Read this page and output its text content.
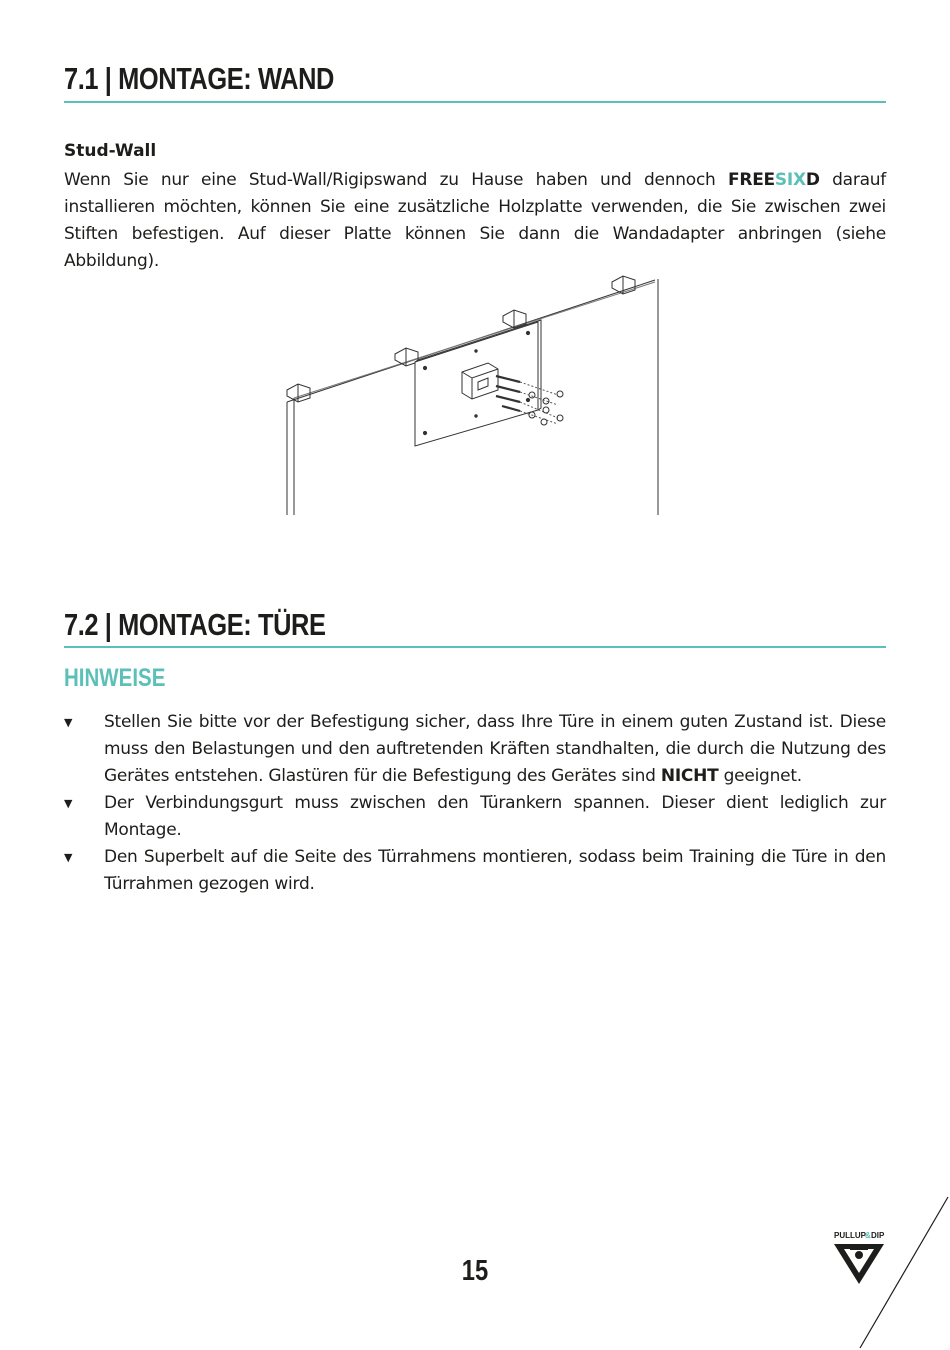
7.1 | MONTAGE: WAND
Stud-Wall
Wenn Sie nur eine Stud-Wall/Rigipswand zu Hause haben und dennoch FREESIXD darauf installieren möchten, können Sie eine zusätzliche Holzplatte verwenden, die Sie zwischen zwei Stiften befestigen. Auf dieser Platte können Sie dann die Wandadapter anbringen (siehe Abbildung).
7.2 | MONTAGE: TÜRE
HINWEISE
▼ Stellen Sie bitte vor der Befestigung sicher, dass Ihre Türe in einem guten Zustand ist. Diese muss den Belastungen und den auftretenden Kräften standhalten, die durch die Nutzung des Gerätes entstehen. Glastüren für die Befestigung des Gerätes sind NICHT geeignet.
▼ Der Verbindungsgurt muss zwischen den Türankern spannen. Dieser dient lediglich zur Montage.
▼ Den Superbelt auf die Seite des Türrahmens montieren, sodass beim Training die Türe in den Türrahmen gezogen wird.
15
PULLUP & DIP
